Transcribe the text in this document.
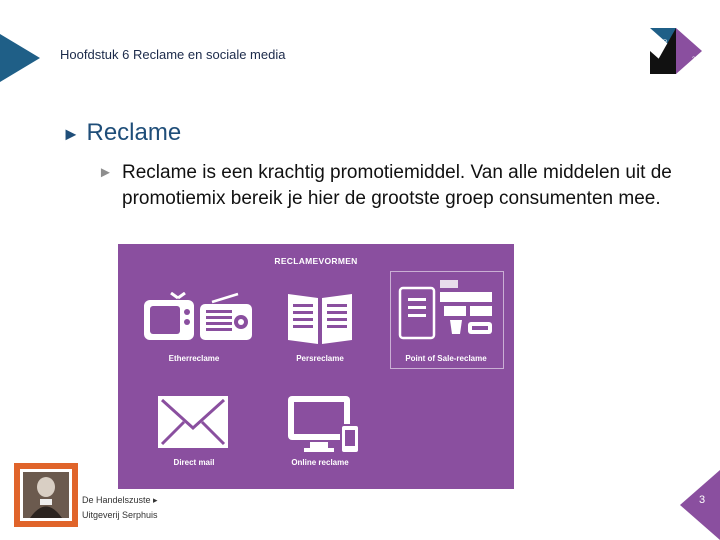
Hoofdstuk 6 Reclame en sociale media
R
3
► Reclame
► Reclame is een krachtig promotiemiddel. Van alle middelen uit de promotiemix bereik je hier de grootste groep consumenten mee.
RECLAMEVORMEN
Etherreclame	Persreclame	Point of Sale-reclame
Direct mail	Online reclame
De Handelszuste ▸
Uitgeverij Serphuis
3
